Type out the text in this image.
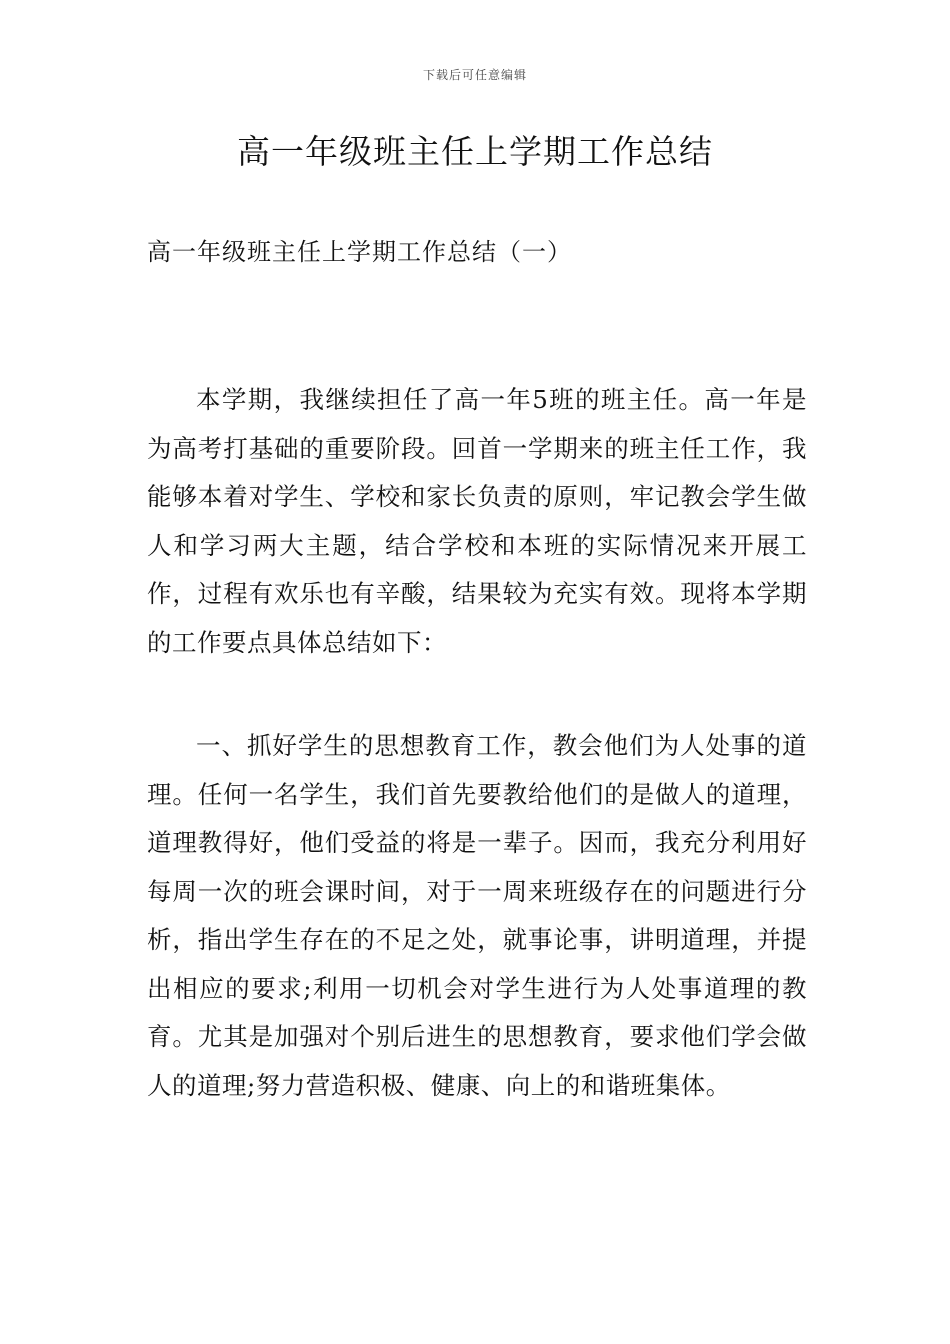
下载后可任意编辑
高一年级班主任上学期工作总结

高一年级班主任上学期工作总结（一）

本学期，我继续担任了高一年5班的班主任。高一年是为高考打基础的重要阶段。回首一学期来的班主任工作，我能够本着对学生、学校和家长负责的原则，牢记教会学生做人和学习两大主题，结合学校和本班的实际情况来开展工作，过程有欢乐也有辛酸，结果较为充实有效。现将本学期的工作要点具体总结如下：

一、抓好学生的思想教育工作，教会他们为人处事的道理。任何一名学生，我们首先要教给他们的是做人的道理，道理教得好，他们受益的将是一辈子。因而，我充分利用好每周一次的班会课时间，对于一周来班级存在的问题进行分析，指出学生存在的不足之处，就事论事，讲明道理，并提出相应的要求;利用一切机会对学生进行为人处事道理的教育。尤其是加强对个别后进生的思想教育，要求他们学会做人的道理;努力营造积极、健康、向上的和谐班集体。
